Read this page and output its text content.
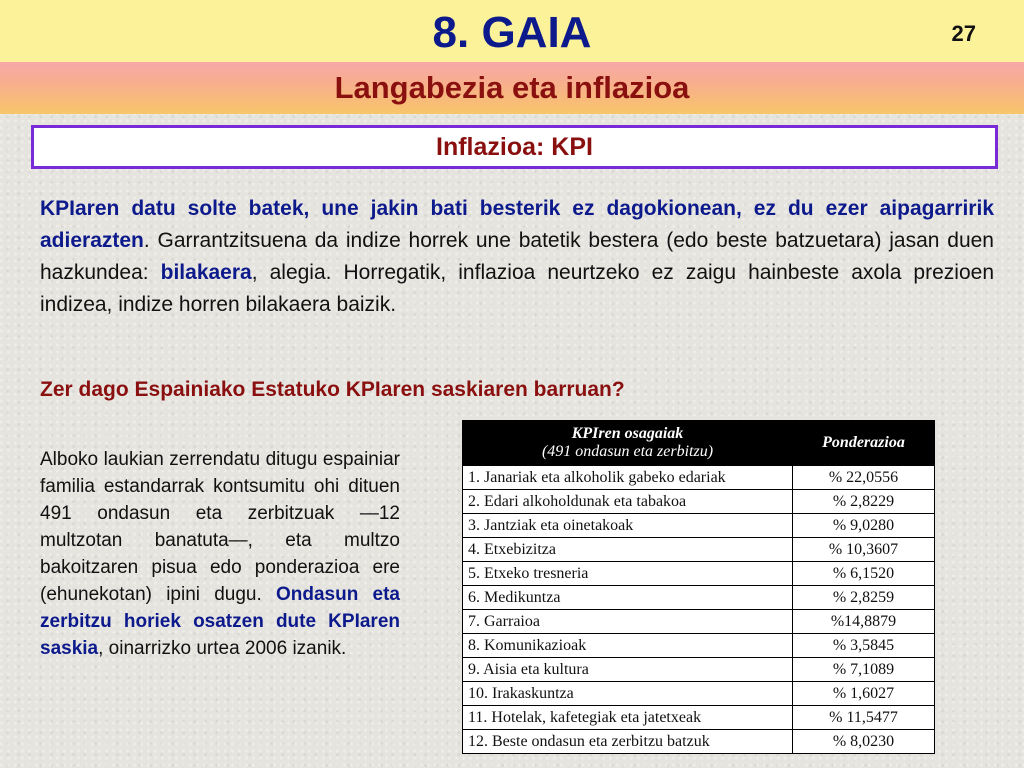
8. GAIA	27
Langabezia eta inflazioa
Inflazioa: KPI
KPIaren datu solte batek, une jakin bati besterik ez dagokionean, ez du ezer aipagarririk adierazten. Garrantzitsuena da indize horrek une batetik bestera (edo beste batzuetara) jasan duen hazkundea: bilakaera, alegia. Horregatik, inflazioa neurtzeko ez zaigu hainbeste axola prezioen indizea, indize horren bilakaera baizik.
Zer dago Espainiako Estatuko KPIaren saskiaren barruan?
Alboko laukian zerrendatu ditugu espainiar familia estandarrak kontsumitu ohi dituen 491 ondasun eta zerbitzuak —12 multzotan banatuta—, eta multzo bakoitzaren pisua edo ponderazioa ere (ehunekotan) ipini dugu. Ondasun eta zerbitzu horiek osatzen dute KPIaren saskia, oinarrizko urtea 2006 izanik.
KPIren osagaiak
(491 ondasun eta zerbitzu)	Ponderazioa
1. Janariak eta alkoholik gabeko edariak	% 22,0556
2. Edari alkoholdunak eta tabakoa	% 2,8229
3. Jantziak eta oinetakoak	% 9,0280
4. Etxebizitza	% 10,3607
5. Etxeko tresneria	% 6,1520
6. Medikuntza	% 2,8259
7. Garraioa	%14,8879
8. Komunikazioak	% 3,5845
9. Aisia eta kultura	% 7,1089
10. Irakaskuntza	% 1,6027
11. Hotelak, kafetegiak eta jatetxeak	% 11,5477
12. Beste ondasun eta zerbitzu batzuk	% 8,0230
